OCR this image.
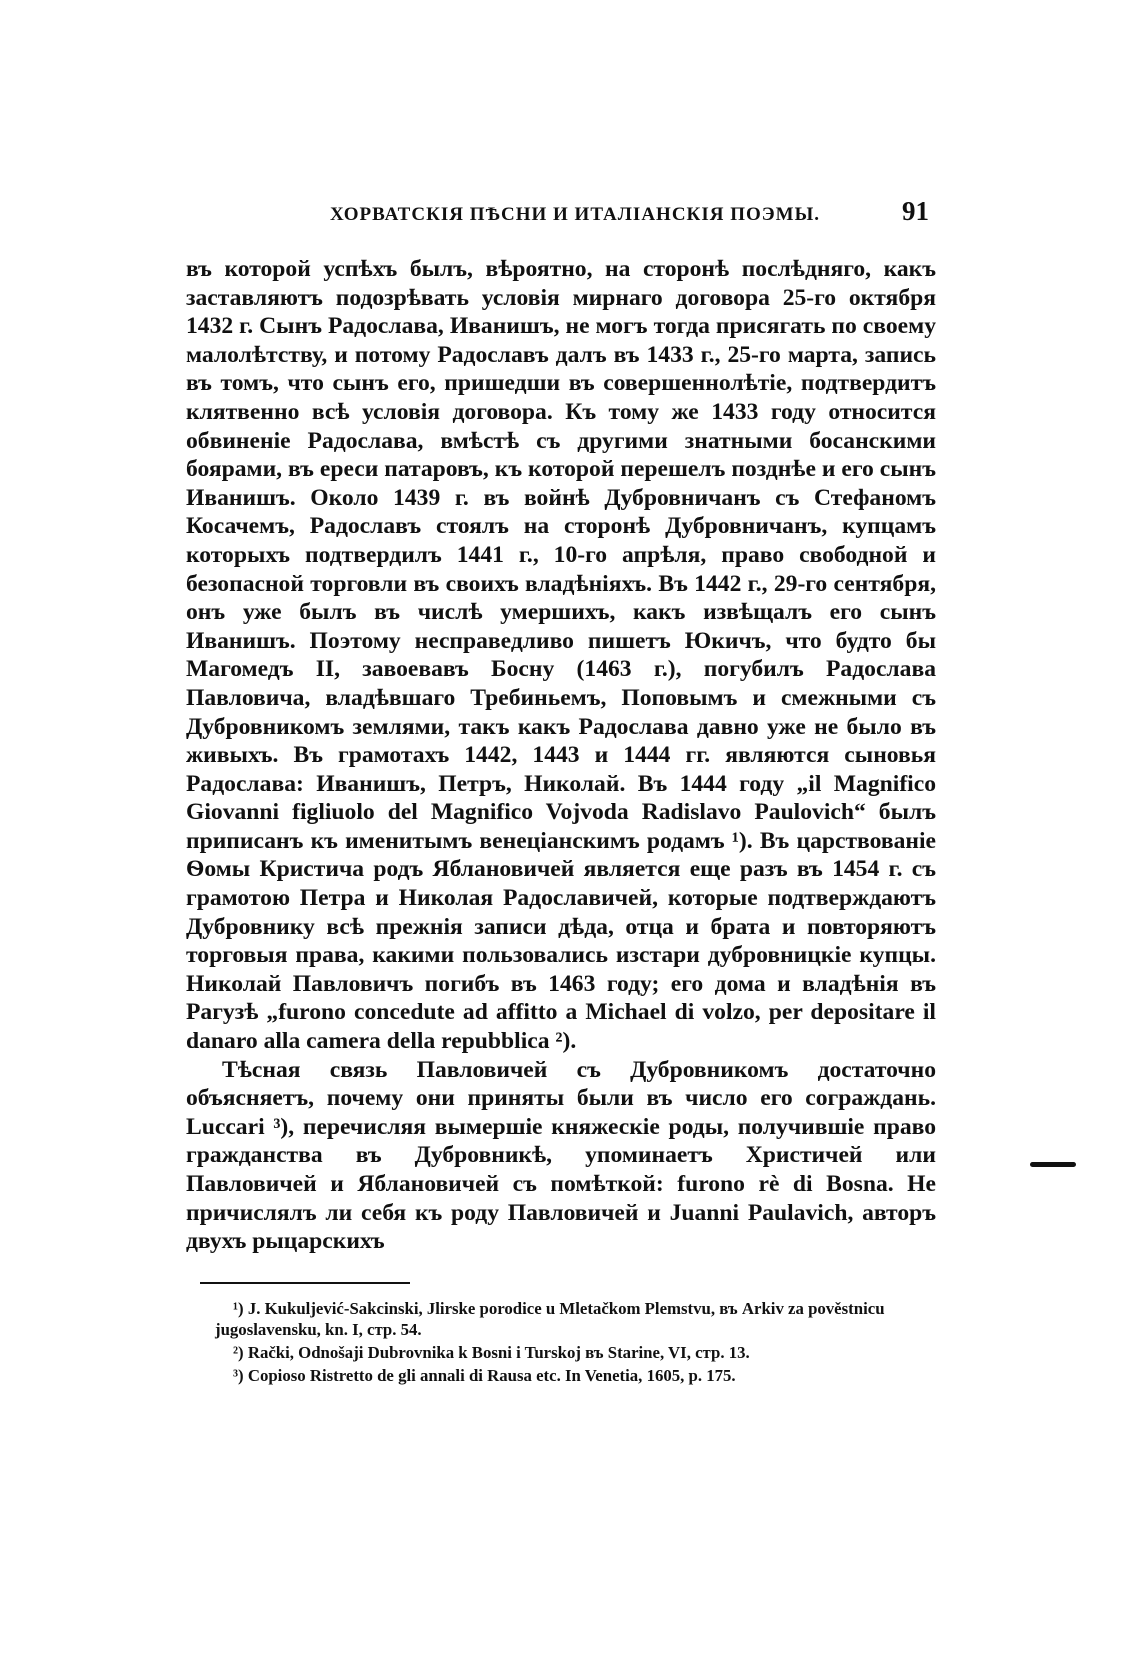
ХОРВАТСКІЯ ПѢСНИ И ИТАЛІАНСКІЯ ПОЭМЫ.	91

въ которой успѣхъ былъ, вѣроятно, на сторонѣ послѣдняго, какъ заставляютъ подозрѣвать условія мирнаго договора 25-го октября 1432 г. Сынъ Радослава, Иванишъ, не могъ тогда присягать по своему малолѣтству, и потому Радославъ далъ въ 1433 г., 25-го марта, запись въ томъ, что сынъ его, пришедши въ совершеннолѣтіе, подтвердитъ клятвенно всѣ условія договора. Къ тому же 1433 году относится обвиненіе Радослава, вмѣстѣ съ другими знатными босанскими боярами, въ ереси патаровъ, къ которой перешелъ позднѣе и его сынъ Иванишъ. Около 1439 г. въ войнѣ Дубровничанъ съ Стефаномъ Косачемъ, Радославъ стоялъ на сторонѣ Дубровничанъ, купцамъ которыхъ подтвердилъ 1441 г., 10-го апрѣля, право свободной и безопасной торговли въ своихъ владѣніяхъ. Въ 1442 г., 29-го сентября, онъ уже былъ въ числѣ умершихъ, какъ извѣщалъ его сынъ Иванишъ. Поэтому несправедливо пишетъ Юкичъ, что будто бы Магомедъ II, завоевавъ Босну (1463 г.), погубилъ Радослава Павловича, владѣвшаго Требиньемъ, Поповымъ и смежными съ Дубровникомъ землями, такъ какъ Радослава давно уже не было въ живыхъ. Въ грамотахъ 1442, 1443 и 1444 гг. являются сыновья Радослава: Иванишъ, Петръ, Николай. Въ 1444 году „il Magnifico Giovanni figliuolo del Magnifico Vojvoda Radislavo Paulovich“ былъ приписанъ къ именитымъ венеціанскимъ родамъ ¹). Въ царствованіе Ѳомы Кристича родъ Яблановичей является еще разъ въ 1454 г. съ грамотою Петра и Николая Радославичей, которые подтверждаютъ Дубровнику всѣ прежнія записи дѣда, отца и брата и повторяютъ торговыя права, какими пользовались изстари дубровницкіе купцы. Николай Павловичъ погибъ въ 1463 году; его дома и владѣнія въ Рагузѣ „furono concedute ad affitto a Michael di volzo, per depositare il danaro alla camera della repubblica ²).

Тѣсная связь Павловичей съ Дубровникомъ достаточно объясняетъ, почему они приняты были въ число его сограждань. Luccari ³), перечисляя вымершіе княжескіе роды, получившіе право гражданства въ Дубровникѣ, упоминаетъ Христичей или Павловичей и Яблановичей съ помѣткой: furono rè di Bosna. Не причислялъ ли себя къ роду Павловичей и Juanni Paulavich, авторъ двухъ рыцарскихъ

¹) J. Kukuljević-Sakcinski, Jlirske porodice u Mletačkom Plemstvu, въ Arkiv za pověstnicu jugoslavensku, kn. I, стр. 54.

²) Rački, Odnošaji Dubrovnika k Bosni i Turskoj въ Starine, VI, стр. 13.

³) Copioso Ristretto de gli annali di Rausa etc. In Venetia, 1605, p. 175.
